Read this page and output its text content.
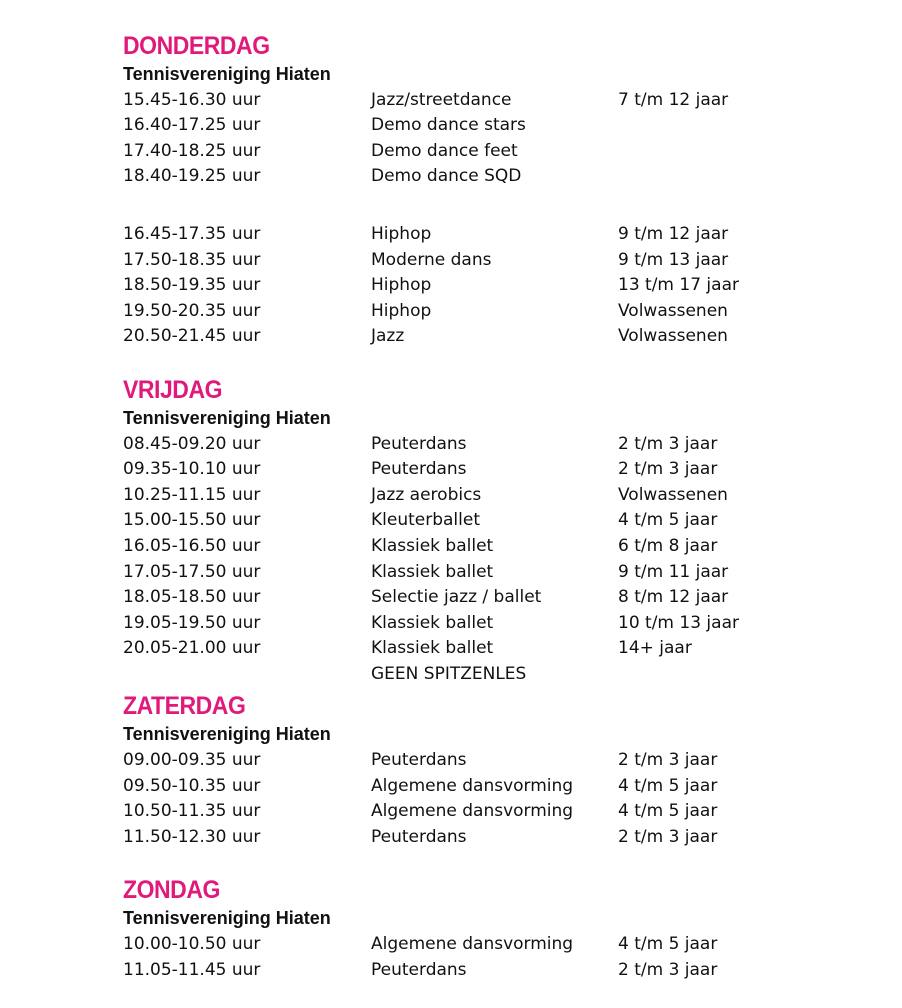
DONDERDAG
Tennisvereniging Hiaten
15.45-16.30 uur	Jazz/streetdance	7 t/m 12 jaar
16.40-17.25 uur	Demo dance stars
17.40-18.25 uur	Demo dance feet
18.40-19.25 uur	Demo dance SQD
16.45-17.35 uur	Hiphop	9 t/m 12 jaar
17.50-18.35 uur	Moderne dans	9 t/m 13 jaar
18.50-19.35 uur	Hiphop	13 t/m 17 jaar
19.50-20.35 uur	Hiphop	Volwassenen
20.50-21.45 uur	Jazz	Volwassenen
VRIJDAG
Tennisvereniging Hiaten
08.45-09.20 uur	Peuterdans	2 t/m 3 jaar
09.35-10.10 uur	Peuterdans	2 t/m 3 jaar
10.25-11.15 uur	Jazz aerobics	Volwassenen
15.00-15.50 uur	Kleuterballet	4 t/m 5 jaar
16.05-16.50 uur	Klassiek ballet	6 t/m 8 jaar
17.05-17.50 uur	Klassiek ballet	9 t/m 11 jaar
18.05-18.50 uur	Selectie jazz / ballet	8 t/m 12 jaar
19.05-19.50 uur	Klassiek ballet	10 t/m 13 jaar
20.05-21.00 uur	Klassiek ballet	14+ jaar
GEEN SPITZENLES
ZATERDAG
Tennisvereniging Hiaten
09.00-09.35 uur	Peuterdans	2 t/m 3 jaar
09.50-10.35 uur	Algemene dansvorming	4 t/m 5 jaar
10.50-11.35 uur	Algemene dansvorming	4 t/m 5 jaar
11.50-12.30 uur	Peuterdans	2 t/m 3 jaar
ZONDAG
Tennisvereniging Hiaten
10.00-10.50 uur	Algemene dansvorming	4 t/m 5 jaar
11.05-11.45 uur	Peuterdans	2 t/m 3 jaar
